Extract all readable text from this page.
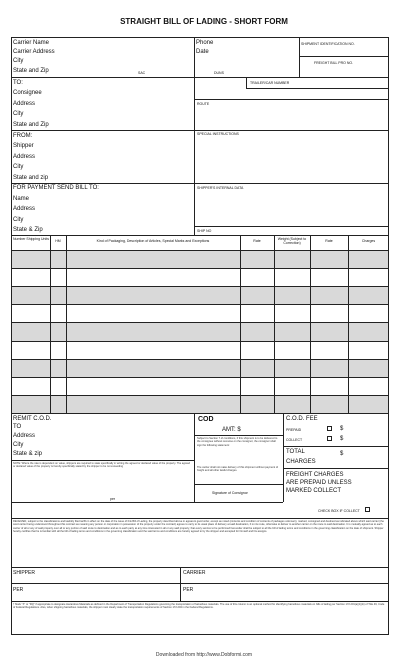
STRAIGHT BILL OF LADING - SHORT FORM
Carrier Name
Carrier Address
City
State and Zip	SAC	DUNS
Phone
Date
SHIPMENT IDENTIFICATION NO.
FREIGHT BILL PRO NO.
TRAILER/CAR NUMBER
TO:
Consignee
Address
City
State and Zip
ROUTE
SPECIAL INSTRUCTIONS
FROM:
Shipper
Address
City
State and zip
FOR PAYMENT SEND BILL TO:
Name
Address
City
State & Zip
SHIPPER'S INTERNAL DATA
SHIP NO
Number Shipping Units	HM	Kind of Packaging, Description of Articles, Special Marks and Exceptions	Rate	Weight (Subject to Correction)	Rate	Charges
REMIT C.O.D.
TO
Address
City
State & zip
NOTE: Where the rate is dependent on value, shippers are required to state specifically in writing the agreed or declared value of the property. The agreed or declared value of the property is hereby specifically stated by the shipper to be not exceeding
per
COD
AMT: $
Subject to Section 7 of conditions, if this shipment is to be delivered to the consignee without recourse on the consignor, the consignor shall sign the following statement:
The carrier shall not make delivery of this shipment without payment of freight and all other lawful charges.
Signature of Consignor
C.O.D. FEE
PREPAID	$
COLLECT	$
TOTAL
CHARGES
$
FREIGHT CHARGES
ARE PREPAID UNLESS
MARKED COLLECT
CHECK BOX IF COLLECT
RECEIVED, subject to the classifications and lawfully filed tariffs in effect on the date of the issue of this Bill of Lading, the property described above in apparent good order, except as noted (contents and condition of contents of packages unknown), marked, consigned and destined as indicated above which said carrier (the word carrier being understood throughout this contract as meaning any person or corporation in possession of the property under the contract) agrees to carry to its usual place of delivery at said destination, if on its route, otherwise to deliver to another carrier on the route to said destination. It is mutually agreed as to each carrier of all or any of said property over all or any portion of said route to destination and as to each party at any time interested in all or any said property, that every service to be performed hereunder shall be subject to all the bill of lading terms and conditions in the governing classification on the date of shipment. Shipper hereby certifies that he is familiar with all the bill of lading terms and conditions in the governing classification and the said terms and conditions are hereby agreed to by the shipper and accepted for himself and his assigns.
SHIPPER
PER
CARRIER
PER
† Mark "X" or "RQ" if appropriate to designate Hazardous Materials as defined in the Department of Transportation Regulations governing the transportation of hazardous materials. The use of this column is an optional method for identifying hazardous materials on bills of lading per Section 172.201(a)(1)(iii) of Title 49, Code of Federal Regulations. Also, when shipping hazardous materials, the shipper must clearly state the transportation requirements of Section 172.204 in the Federal Regulations.
Downloaded from http://www.Dobformi.com
